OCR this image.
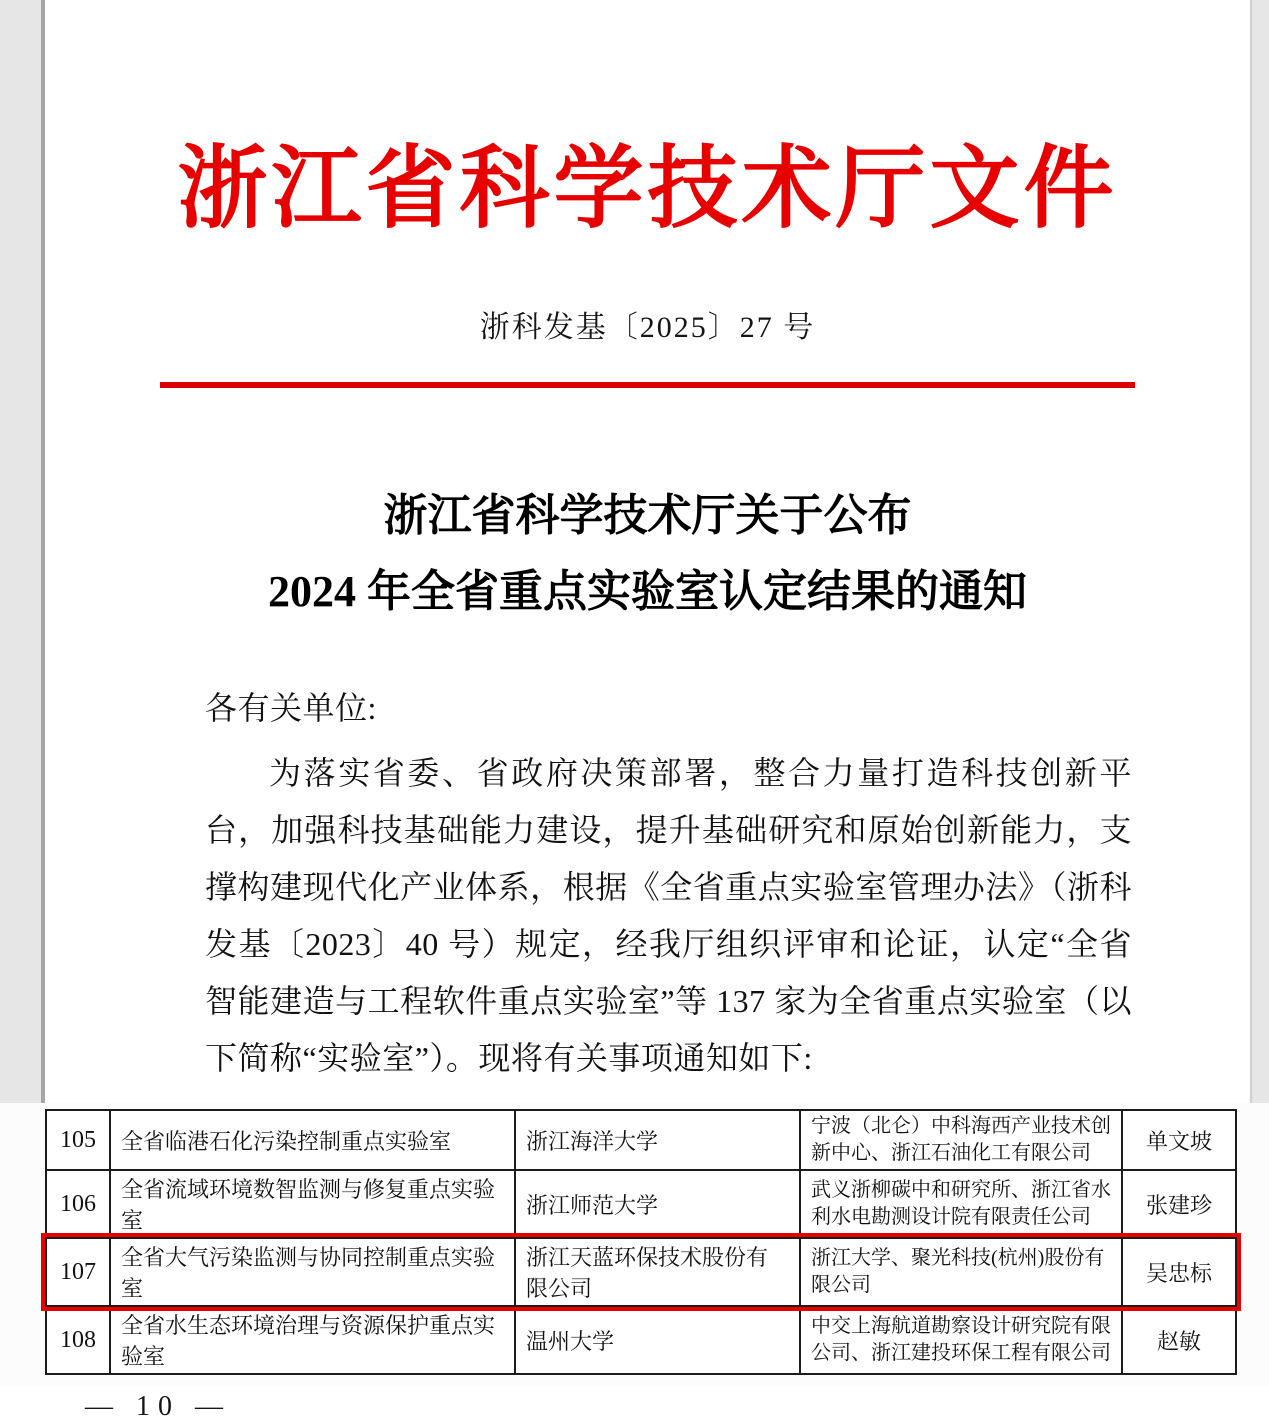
浙江省科学技术厅文件
浙科发基〔2025〕27 号
浙江省科学技术厅关于公布
2024 年全省重点实验室认定结果的通知
各有关单位:
为落实省委、省政府决策部署，整合力量打造科技创新平台，加强科技基础能力建设，提升基础研究和原始创新能力，支撑构建现代化产业体系，根据《全省重点实验室管理办法》（浙科发基〔2023〕40 号）规定，经我厅组织评审和论证，认定“全省智能建造与工程软件重点实验室”等 137 家为全省重点实验室（以下简称“实验室”）。现将有关事项通知如下:
105	全省临港石化污染控制重点实验室	浙江海洋大学	宁波（北仑）中科海西产业技术创新中心、浙江石油化工有限公司	单文坡
106	全省流域环境数智监测与修复重点实验室	浙江师范大学	武义浙柳碳中和研究所、浙江省水利水电勘测设计院有限责任公司	张建珍
107	全省大气污染监测与协同控制重点实验室	浙江天蓝环保技术股份有限公司	浙江大学、聚光科技(杭州)股份有限公司	吴忠标
108	全省水生态环境治理与资源保护重点实验室	温州大学	中交上海航道勘察设计研究院有限公司、浙江建投环保工程有限公司	赵敏
— 10 —
